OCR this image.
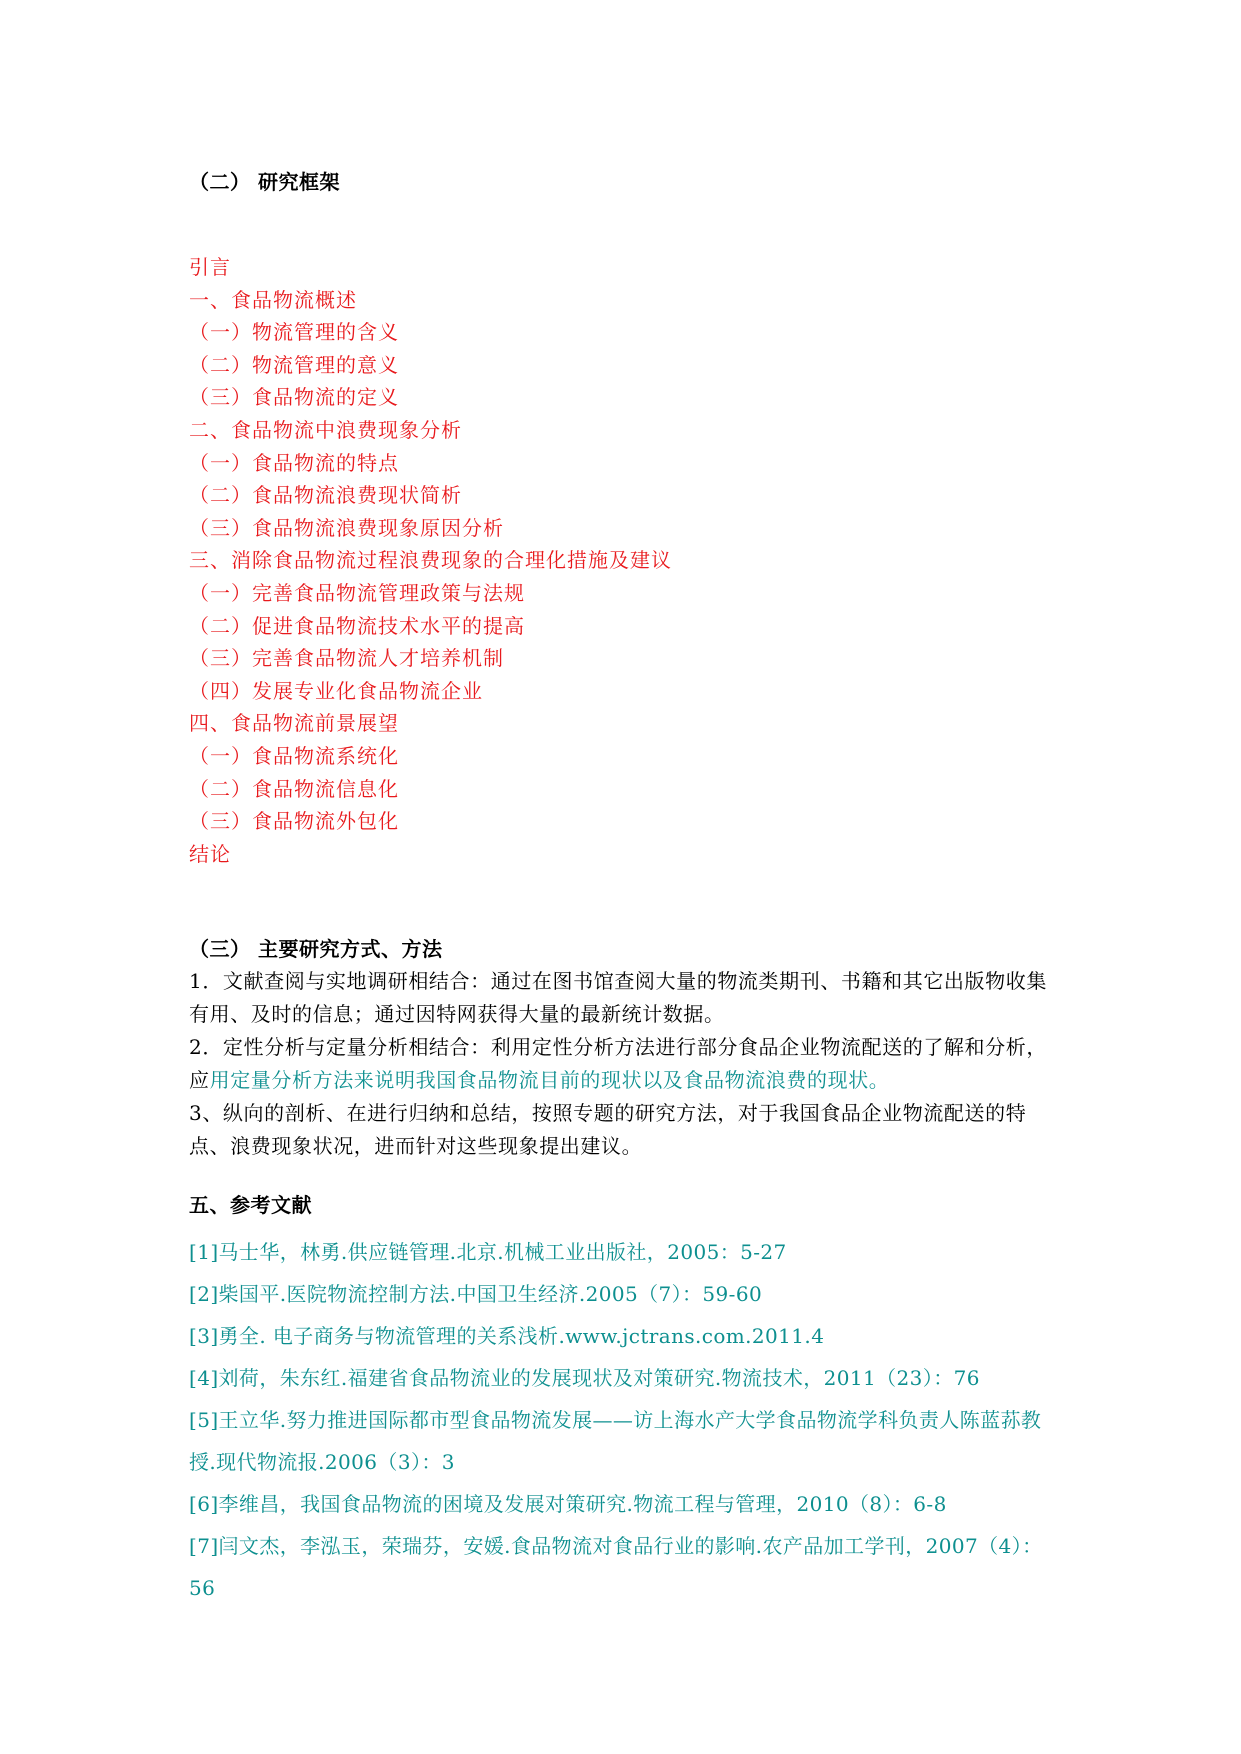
（二） 研究框架
引言
一、食品物流概述
（一）物流管理的含义
（二）物流管理的意义
（三）食品物流的定义
二、食品物流中浪费现象分析
（一）食品物流的特点
（二）食品物流浪费现状简析
（三）食品物流浪费现象原因分析
三、消除食品物流过程浪费现象的合理化措施及建议
（一）完善食品物流管理政策与法规
（二）促进食品物流技术水平的提高
（三）完善食品物流人才培养机制
（四）发展专业化食品物流企业
四、食品物流前景展望
（一）食品物流系统化
（二）食品物流信息化
（三）食品物流外包化
结论
（三） 主要研究方式、方法

1．文献查阅与实地调研相结合：通过在图书馆查阅大量的物流类期刊、书籍和其它出版物收集有用、及时的信息；通过因特网获得大量的最新统计数据。

2．定性分析与定量分析相结合：利用定性分析方法进行部分食品企业物流配送的了解和分析，应用定量分析方法来说明我国食品物流目前的现状以及食品物流浪费的现状。

3、纵向的剖析、在进行归纳和总结，按照专题的研究方法，对于我国食品企业物流配送的特点、浪费现象状况，进而针对这些现象提出建议。

五、参考文献
[1]马士华，林勇.供应链管理.北京.机械工业出版社，2005：5-27
[2]柴国平.医院物流控制方法.中国卫生经济.2005（7）：59-60
[3]勇全. 电子商务与物流管理的关系浅析.www.jctrans.com.2011.4
[4]刘荷，朱东红.福建省食品物流业的发展现状及对策研究.物流技术，2011（23）：76
[5]王立华.努力推进国际都市型食品物流发展——访上海水产大学食品物流学科负责人陈蓝荪教授.现代物流报.2006（3）：3
[6]李维昌，我国食品物流的困境及发展对策研究.物流工程与管理，2010（8）：6-8
[7]闫文杰，李泓玉，荣瑞芬，安媛.食品物流对食品行业的影响.农产品加工学刊，2007（4）：56
